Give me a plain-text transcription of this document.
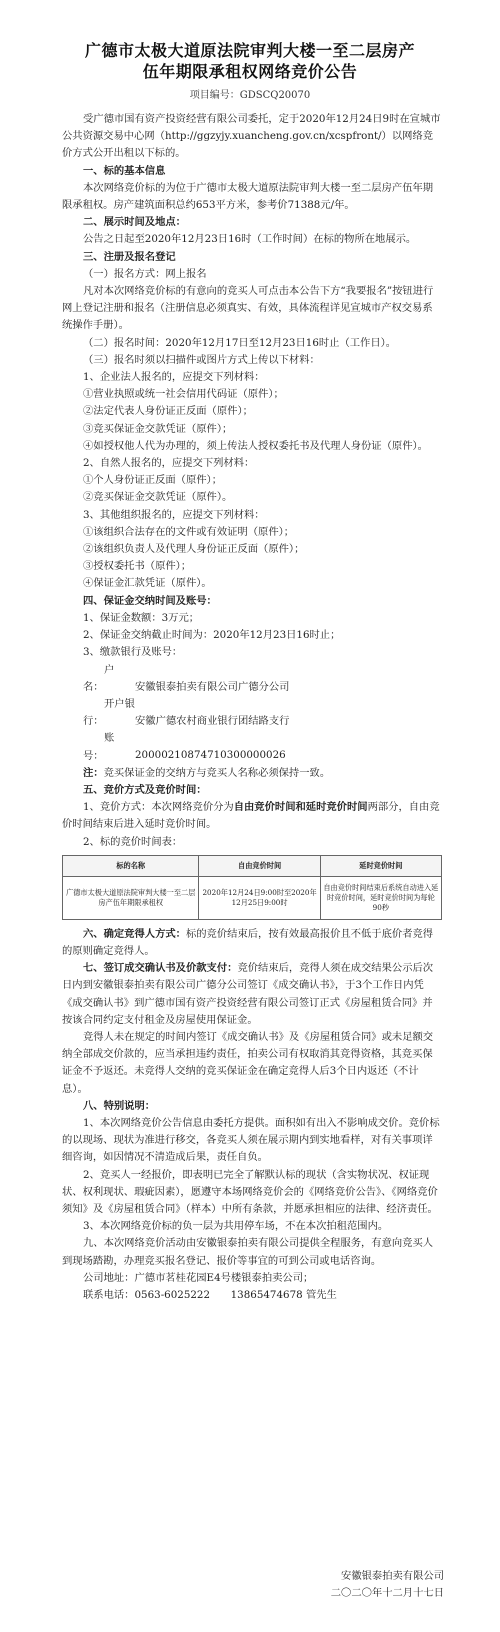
广德市太极大道原法院审判大楼一至二层房产
伍年期限承租权网络竞价公告
项目编号：GDSCQ20070

受广德市国有资产投资经营有限公司委托，定于2020年12月24日9时在宣城市公共资源交易中心网（http://ggzyjy.xuancheng.gov.cn/xcspfront/）以网络竞价方式公开出租以下标的。

一、标的基本信息

本次网络竞价标的为位于广德市太极大道原法院审判大楼一至二层房产伍年期限承租权。房产建筑面积总约653平方米，参考价71388元/年。

二、展示时间及地点：

公告之日起至2020年12月23日16时（工作时间）在标的物所在地展示。

三、注册及报名登记

（一）报名方式：网上报名

凡对本次网络竞价标的有意向的竞买人可点击本公告下方“我要报名”按钮进行网上登记注册和报名（注册信息必须真实、有效，具体流程详见宣城市产权交易系统操作手册）。

（二）报名时间：2020年12月17日至12月23日16时止（工作日）。

（三）报名时须以扫描件或图片方式上传以下材料：

1、企业法人报名的，应提交下列材料：

①营业执照或统一社会信用代码证（原件）；

②法定代表人身份证正反面（原件）；

③竞买保证金交款凭证（原件）；

④如授权他人代为办理的，须上传法人授权委托书及代理人身份证（原件）。

2、自然人报名的，应提交下列材料：

①个人身份证正反面（原件）；

②竞买保证金交款凭证（原件）。

3、其他组织报名的，应提交下列材料：

①该组织合法存在的文件或有效证明（原件）；

②该组织负责人及代理人身份证正反面（原件）；

③授权委托书（原件）；

④保证金汇款凭证（原件）。

四、保证金交纳时间及账号：

1、保证金数额：3万元；

2、保证金交纳截止时间为：2020年12月23日16时止；

3、缴款银行及账号：

户　　名：	安徽银泰拍卖有限公司广德分公司

开户银行：	安徽广德农村商业银行团结路支行

账　　号：	20000210874710300000026

注：竞买保证金的交纳方与竞买人名称必须保持一致。

五、竞价方式及竞价时间：

1、竞价方式：本次网络竞价分为自由竞价时间和延时竞价时间两部分，自由竞价时间结束后进入延时竞价时间。

2、标的竞价时间表：

标的名称	自由竞价时间	延时竞价时间
广德市太极大道原法院审判大楼一至二层房产伍年期限承租权	2020年12月24日9:00时至2020年12月25日9:00时	自由竞价时间结束后系统自动进入延时竞价时间，延时竞价时间为每轮90秒

六、确定竞得人方式：标的竞价结束后，按有效最高报价且不低于底价者竞得的原则确定竞得人。

七、签订成交确认书及价款支付：竞价结束后，竞得人须在成交结果公示后次日内到安徽银泰拍卖有限公司广德分公司签订《成交确认书》，于3个工作日内凭《成交确认书》到广德市国有资产投资经营有限公司签订正式《房屋租赁合同》并按该合同约定支付租金及房屋使用保证金。

竞得人未在规定的时间内签订《成交确认书》及《房屋租赁合同》或未足额交纳全部成交价款的，应当承担违约责任，拍卖公司有权取消其竞得资格，其竞买保证金不予返还。未竞得人交纳的竞买保证金在确定竞得人后3个日内返还（不计息）。

八、特别说明：

1、本次网络竞价公告信息由委托方提供。面积如有出入不影响成交价。竞价标的以现场、现状为准进行移交，各竞买人须在展示期内到实地看样，对有关事项详细咨询，如因情况不清造成后果，责任自负。

2、竞买人一经报价，即表明已完全了解默认标的现状（含实物状况、权证现状、权利现状、瑕疵因素），愿遵守本场网络竞价会的《网络竞价公告》、《网络竞价须知》及《房屋租赁合同》（样本）中所有条款，并愿承担相应的法律、经济责任。

3、本次网络竞价标的负一层为共用停车场，不在本次拍租范围内。

九、本次网络竞价活动由安徽银泰拍卖有限公司提供全程服务，有意向竞买人到现场踏勘，办理竞买报名登记、报价等事宜的可到公司或电话咨询。

公司地址：广德市茗桂花园E4号楼银泰拍卖公司；

联系电话：0563-6025222　　13865474678 管先生

安徽银泰拍卖有限公司
二〇二〇年十二月十七日
